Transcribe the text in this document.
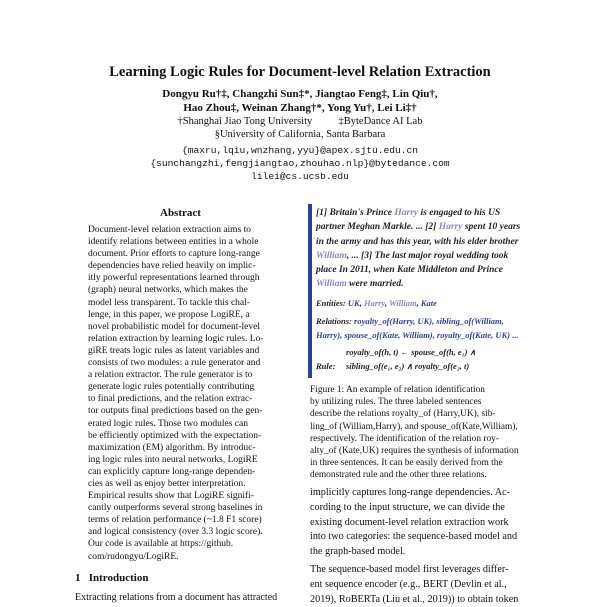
Learning Logic Rules for Document-level Relation Extraction
Dongyu Ru†‡, Changzhi Sun‡*, Jiangtao Feng‡, Lin Qiu†,
Hao Zhou‡, Weinan Zhang†*, Yong Yu†, Lei Li‡†
†Shanghai Jiao Tong University          ‡ByteDance AI Lab
§University of California, Santa Barbara
{maxru,lqiu,wnzhang,yyu}@apex.sjtu.edu.cn
{sunchangzhi,fengjiangtao,zhouhao.nlp}@bytedance.com
lilei@cs.ucsb.edu
Abstract
Document-level relation extraction aims to
identify relations between entities in a whole
document. Prior efforts to capture long-range
dependencies have relied heavily on implic-
itly powerful representations learned through
(graph) neural networks, which makes the
model less transparent. To tackle this chal-
lenge, in this paper, we propose LogiRE, a
novel probabilistic model for document-level
relation extraction by learning logic rules. Lo-
giRE treats logic rules as latent variables and
consists of two modules: a rule generator and
a relation extractor. The rule generator is to
generate logic rules potentially contributing
to final predictions, and the relation extrac-
tor outputs final predictions based on the gen-
erated logic rules. Those two modules can
be efficiently optimized with the expectation-
maximization (EM) algorithm. By introduc-
ing logic rules into neural networks, LogiRE
can explicitly capture long-range dependen-
cies as well as enjoy better interpretation.
Empirical results show that LogiRE signifi-
cantly outperforms several strong baselines in
terms of relation performance (~1.8 F1 score)
and logical consistency (over 3.3 logic score).
Our code is available at https://github.
com/rudongyu/LogiRE.
1   Introduction
Extracting relations from a document has attracted
[1] Britain's Prince Harry is engaged to his US
partner Meghan Markle. ... [2] Harry spent 10 years
in the army and has this year, with his elder brother
William, ... [3] The last major royal wedding took
place In 2011, when Kate Middleton and Prince
William were married.
Entities: UK, Harry, William, Kate
Relations: royalty_of(Harry, UK), sibling_of(William,
Harry), spouse_of(Kate, William), royalty_of(Kate, UK) ...
royalty_of(h, t) ← spouse_of(h, e₁) ∧
Rule: sibling_of(e₁, e₂) ∧ royalty_of(e₂, t)
Figure 1: An example of relation identification
by utilizing rules. The three labeled sentences
describe the relations royalty_of (Harry,UK), sib-
ling_of (William,Harry), and spouse_of(Kate,William),
respectively. The identification of the relation roy-
alty_of (Kate,UK) requires the synthesis of information
in three sentences. It can be easily derived from the
demonstrated rule and the other three relations.
implicitly captures long-range dependencies. Ac-
cording to the input structure, we can divide the
existing document-level relation extraction work
into two categories: the sequence-based model and
the graph-based model.
The sequence-based model first leverages differ-
ent sequence encoder (e.g., BERT (Devlin et al.,
2019), RoBERTa (Liu et al., 2019)) to obtain token
